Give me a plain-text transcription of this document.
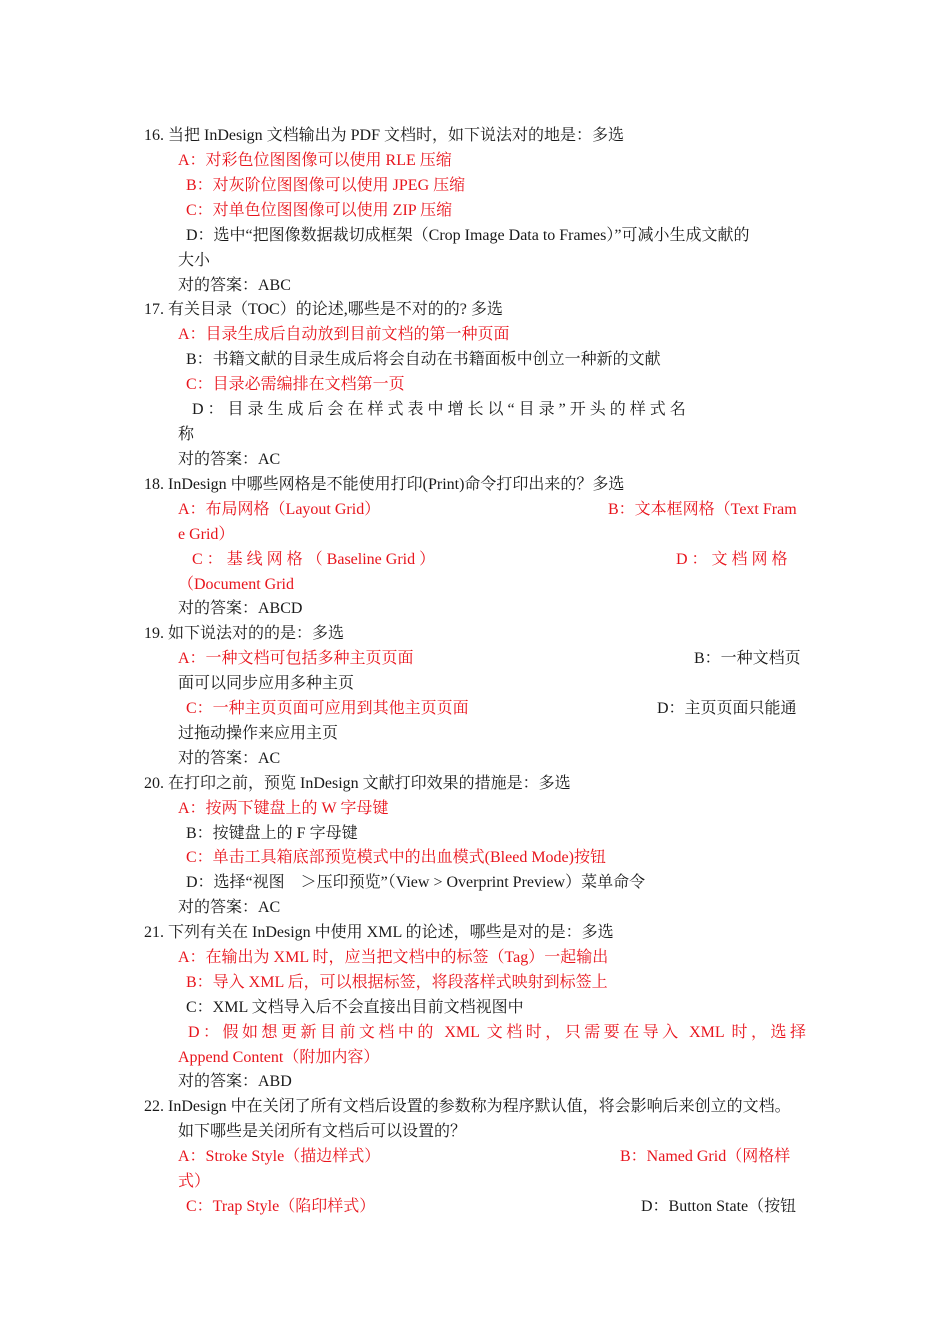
16. 当把 InDesign 文档输出为 PDF 文档时，如下说法对的地是：多选
A：对彩色位图图像可以使用 RLE 压缩
B：对灰阶位图图像可以使用 JPEG 压缩
C：对单色位图图像可以使用 ZIP 压缩
D：选中“把图像数据裁切成框架（Crop Image Data to Frames）”可减小生成文献的
大小
对的答案：ABC
17. 有关目录（TOC）的论述,哪些是不对的的? 多选
A：目录生成后自动放到目前文档的第一种页面
B：书籍文献的目录生成后将会自动在书籍面板中创立一种新的文献
C：目录必需编排在文档第一页
D ： 目 录 生 成 后 会 在 样 式 表 中 增 长 以 “ 目 录 ” 开 头 的 样 式 名
称
对的答案：AC
18. InDesign 中哪些网格是不能使用打印(Print)命令打印出来的？多选
A：布局网格（Layout Grid）	B：文本框网格（Text Fram
e Grid）
C ： 基 线 网 格 （ Baseline Grid ）	D ： 文 档 网 格
（Document Grid
对的答案：ABCD
19. 如下说法对的的是：多选
A：一种文档可包括多种主页页面	B：一种文档页
面可以同步应用多种主页
C：一种主页页面可应用到其他主页页面	D：主页页面只能通
过拖动操作来应用主页
对的答案：AC
20. 在打印之前，预览 InDesign 文献打印效果的措施是：多选
A：按两下键盘上的 W 字母键
B：按键盘上的 F 字母键
C：单击工具箱底部预览模式中的出血模式(Bleed Mode)按钮
D：选择“视图　＞压印预览”（View > Overprint Preview）菜单命令
对的答案：AC
21. 下列有关在 InDesign 中使用 XML 的论述，哪些是对的是：多选
A：在输出为 XML 时，应当把文档中的标签（Tag）一起输出
B：导入 XML 后，可以根据标签，将段落样式映射到标签上
C：XML 文档导入后不会直接出目前文档视图中
D：假如想更新目前文档中的 XML 文档时，只需要在导入 XML 时，选择
Append Content（附加内容）
对的答案：ABD
22. InDesign 中在关闭了所有文档后设置的参数称为程序默认值，将会影响后来创立的文档。
如下哪些是关闭所有文档后可以设置的？
A：Stroke Style（描边样式）	B：Named Grid（网格样
式）
C：Trap Style（陷印样式）	D：Button State（按钮
